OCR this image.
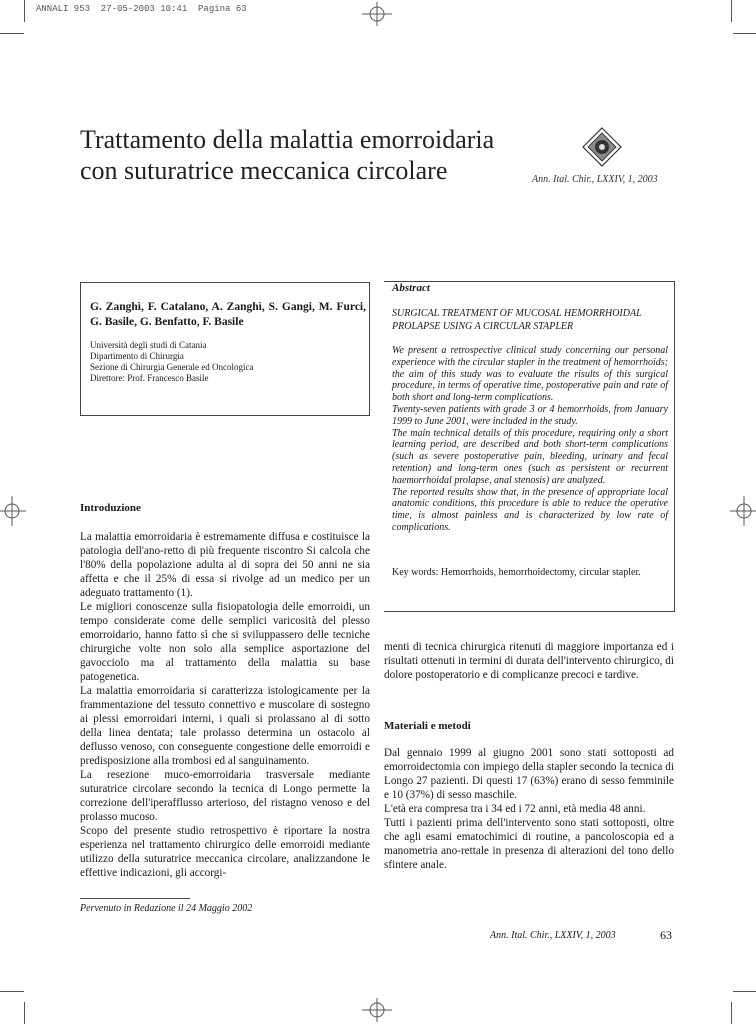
ANNALI 953  27-05-2003 10:41  Pagina 63
Trattamento della malattia emorroidaria
con suturatrice meccanica circolare	Ann. Ital. Chir., LXXIV, 1, 2003
G. Zanghì, F. Catalano, A. Zanghì, S. Gangi, M. Furci, G. Basile, G. Benfatto, F. Basile
Università degli studi di Catania
Dipartimento di Chirurgia
Sezione di Chirurgia Generale ed Oncologica
Direttore: Prof. Francesco Basile
Abstract
SURGICAL TREATMENT OF MUCOSAL HEMORRHOIDAL PROLAPSE USING A CIRCULAR STAPLER

We present a retrospective clinical study concerning our personal experience with the circular stapler in the treatment of hemorrhoids; the aim of this study was to evaluate the risults of this surgical procedure, in terms of operative time, postoperative pain and rate of both short and long-term complications.

Twenty-seven patients with grade 3 or 4 hemorrhoids, from January 1999 to June 2001, were included in the study.

The main technical details of this procedure, requiring only a short learning period, are described and both short-term complications (such as severe postoperative pain, bleeding, urinary and fecal retention) and long-term ones (such as persistent or recurrent haemorrhoidal prolapse, anal stenosis) are analyzed.

The reported results show that, in the presence of appropriate local anatomic conditions, this procedure is able to reduce the operative time, is almost painless and is characterized by low rate of complications.

Key words: Hemorrhoids, hemorrhoidectomy, circular stapler.
Introduzione

La malattia emorroidaria è estremamente diffusa e costituisce la patologia dell'ano-retto di più frequente riscontro Si calcola che l'80% della popolazione adulta al di sopra dei 50 anni ne sia affetta e che il 25% di essa si rivolge ad un medico per un adeguato trattamento (1).

Le migliori conoscenze sulla fisiopatologia delle emorroidi, un tempo considerate come delle semplici varicosità del plesso emorroidario, hanno fatto sì che si sviluppassero delle tecniche chirurgiche volte non solo alla semplice asportazione del gavocciolo ma al trattamento della malattia su base patogenetica.

La malattia emorroidaria si caratterizza istologicamente per la frammentazione del tessuto connettivo e muscolare di sostegno ai plessi emorroidari interni, i quali si prolassano al di sotto della linea dentata; tale prolasso determina un ostacolo al deflusso venoso, con conseguente congestione delle emorroidi e predisposizione alla trombosi ed al sanguinamento.

La resezione muco-emorroidaria trasversale mediante suturatrice circolare secondo la tecnica di Longo permette la correzione dell'iperafflusso arterioso, del ristagno venoso e del prolasso mucoso.

Scopo del presente studio retrospettivo è riportare la nostra esperienza nel trattamento chirurgico delle emorroidi mediante utilizzo della suturatrice meccanica circolare, analizzandone le effettive indicazioni, gli accorgi-

menti di tecnica chirurgica ritenuti di maggiore importanza ed i risultati ottenuti in termini di durata dell'intervento chirurgico, di dolore postoperatorio e di complicanze precoci e tardive.

Materiali e metodi

Dal gennaio 1999 al giugno 2001 sono stati sottoposti ad emorroidectomia con impiego della stapler secondo la tecnica di Longo 27 pazienti. Di questi 17 (63%) erano di sesso femminile e 10 (37%) di sesso maschile.

L'età era compresa tra i 34 ed i 72 anni, età media 48 anni.

Tutti i pazienti prima dell'intervento sono stati sottoposti, oltre che agli esami ematochimici di routine, a pancoloscopia ed a manometria ano-rettale in presenza di alterazioni del tono dello sfintere anale.

Pervenuto in Redazione il 24 Maggio 2002
Ann. Ital. Chir., LXXIV, 1, 2003	63
